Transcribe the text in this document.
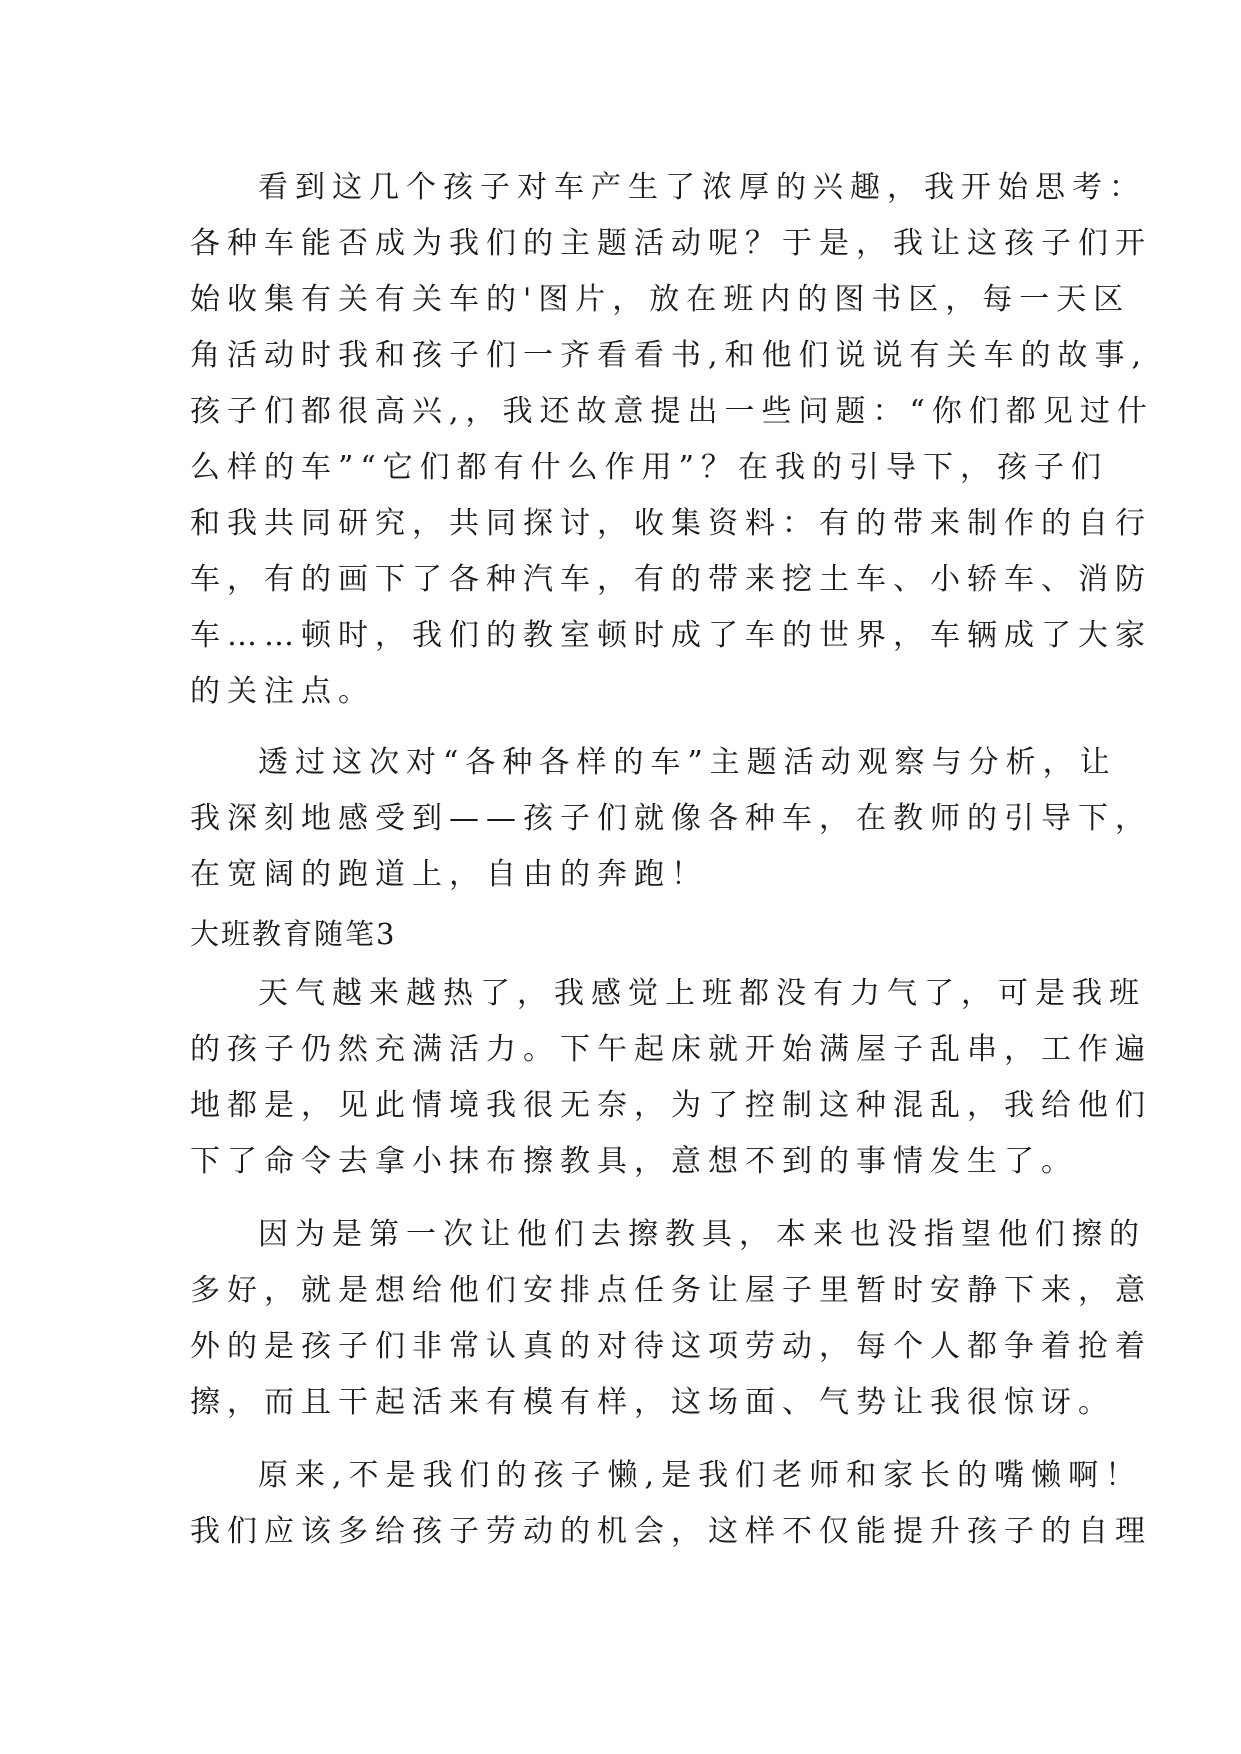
看到这几个孩子对车产生了浓厚的兴趣，我开始思考：
各种车能否成为我们的主题活动呢？于是，我让这孩子们开
始收集有关有关车的'图片，放在班内的图书区，每一天区
角活动时我和孩子们一齐看看书,和他们说说有关车的故事,
孩子们都很高兴,，我还故意提出一些问题：“你们都见过什
么样的车”“它们都有什么作用”？在我的引导下，孩子们
和我共同研究，共同探讨，收集资料：有的带来制作的自行
车，有的画下了各种汽车，有的带来挖土车、小轿车、消防
车……顿时，我们的教室顿时成了车的世界，车辆成了大家
的关注点。
透过这次对“各种各样的车”主题活动观察与分析，让
我深刻地感受到——孩子们就像各种车，在教师的引导下，
在宽阔的跑道上，自由的奔跑！
大班教育随笔3
天气越来越热了，我感觉上班都没有力气了，可是我班
的孩子仍然充满活力。下午起床就开始满屋子乱串，工作遍
地都是，见此情境我很无奈，为了控制这种混乱，我给他们
下了命令去拿小抹布擦教具，意想不到的事情发生了。
因为是第一次让他们去擦教具，本来也没指望他们擦的
多好，就是想给他们安排点任务让屋子里暂时安静下来，意
外的是孩子们非常认真的对待这项劳动，每个人都争着抢着
擦，而且干起活来有模有样，这场面、气势让我很惊讶。
原来,不是我们的孩子懒,是我们老师和家长的嘴懒啊！
我们应该多给孩子劳动的机会，这样不仅能提升孩子的自理
